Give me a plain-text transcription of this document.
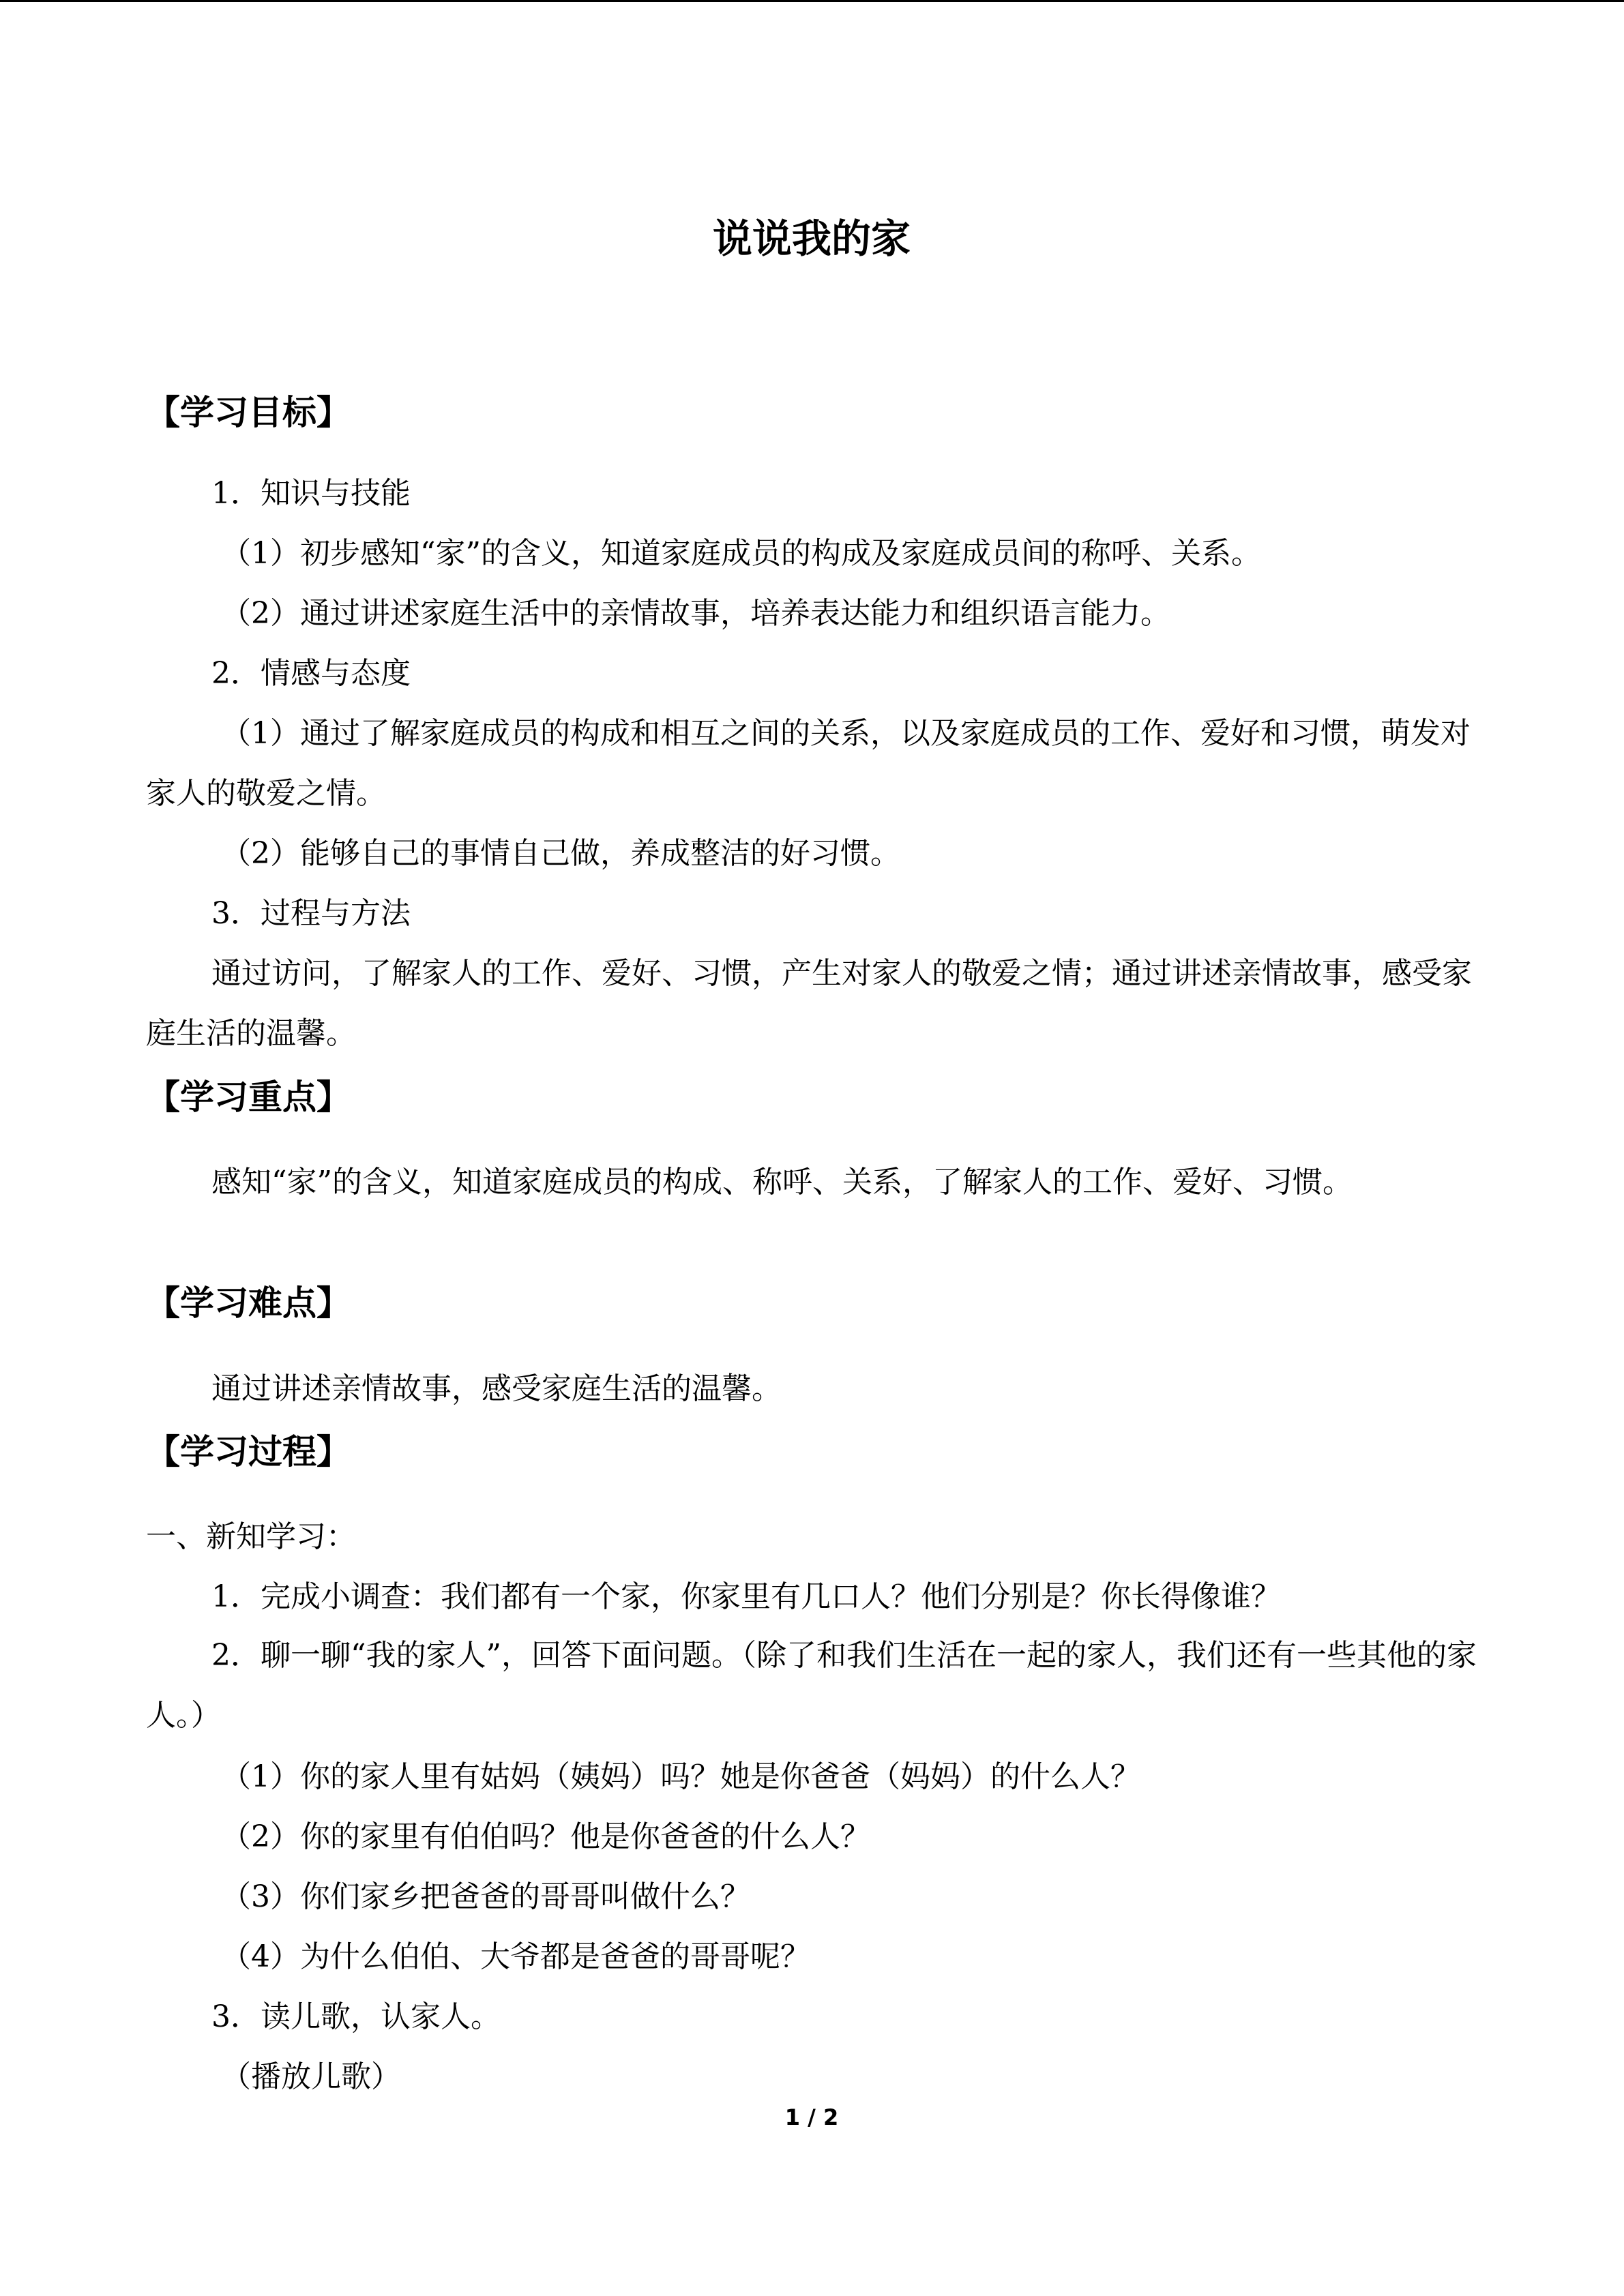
说说我的家
【学习目标】
1．知识与技能
（1）初步感知“家”的含义，知道家庭成员的构成及家庭成员间的称呼、关系。
（2）通过讲述家庭生活中的亲情故事，培养表达能力和组织语言能力。
2．情感与态度
（1）通过了解家庭成员的构成和相互之间的关系，以及家庭成员的工作、爱好和习惯，萌发对家人的敬爱之情。
（2）能够自己的事情自己做，养成整洁的好习惯。
3．过程与方法
通过访问，了解家人的工作、爱好、习惯，产生对家人的敬爱之情；通过讲述亲情故事，感受家庭生活的温馨。
【学习重点】
感知“家”的含义，知道家庭成员的构成、称呼、关系，了解家人的工作、爱好、习惯。
【学习难点】
通过讲述亲情故事，感受家庭生活的温馨。
【学习过程】
一、新知学习：
1．完成小调查：我们都有一个家，你家里有几口人？他们分别是？你长得像谁？
2．聊一聊“我的家人”，回答下面问题。（除了和我们生活在一起的家人，我们还有一些其他的家人。）
（1）你的家人里有姑妈（姨妈）吗？她是你爸爸（妈妈）的什么人？
（2）你的家里有伯伯吗？他是你爸爸的什么人？
（3）你们家乡把爸爸的哥哥叫做什么？
（4）为什么伯伯、大爷都是爸爸的哥哥呢？
3．读儿歌，认家人。
（播放儿歌）
1 / 2
